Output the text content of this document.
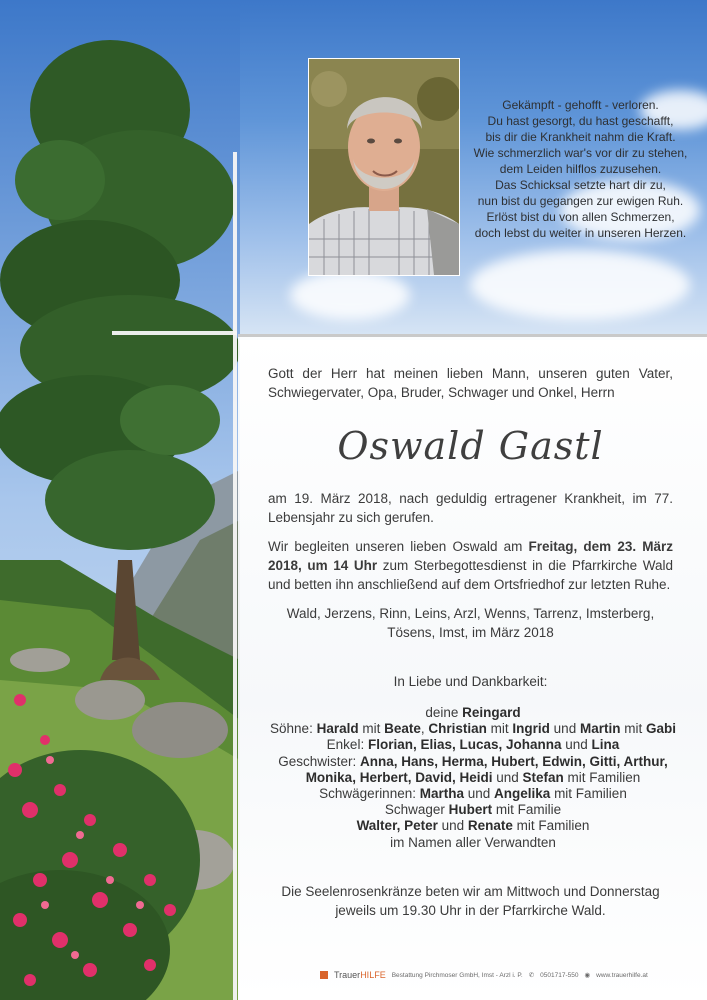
Gekämpft - gehofft - verloren.
Du hast gesorgt, du hast geschafft,
bis dir die Krankheit nahm die Kraft.
Wie schmerzlich war's vor dir zu stehen,
dem Leiden hilflos zuzusehen.
Das Schicksal setzte hart dir zu,
nun bist du gegangen zur ewigen Ruh.
Erlöst bist du von allen Schmerzen,
doch lebst du weiter in unseren Herzen.
Gott der Herr hat meinen lieben Mann, unseren guten Vater, Schwiegervater, Opa, Bruder, Schwager und Onkel, Herrn
Oswald Gastl
am 19. März 2018, nach geduldig ertragener Krankheit, im 77. Lebensjahr zu sich gerufen.
Wir begleiten unseren lieben Oswald am Freitag, dem 23. März 2018, um 14 Uhr zum Sterbegottesdienst in die Pfarrkirche Wald und betten ihn anschließend auf dem Ortsfriedhof zur letzten Ruhe.
Wald, Jerzens, Rinn, Leins, Arzl, Wenns, Tarrenz, Imsterberg,
Tösens, Imst, im März 2018
In Liebe und Dankbarkeit:
deine Reingard
Söhne: Harald mit Beate, Christian mit Ingrid und Martin mit Gabi
Enkel: Florian, Elias, Lucas, Johanna und Lina
Geschwister: Anna, Hans, Herma, Hubert, Edwin, Gitti, Arthur,
Monika, Herbert, David, Heidi und Stefan mit Familien
Schwägerinnen: Martha und Angelika mit Familien
Schwager Hubert mit Familie
Walter, Peter und Renate mit Familien
im Namen aller Verwandten
Die Seelenrosenkränze beten wir am Mittwoch und Donnerstag
jeweils um 19.30 Uhr in der Pfarrkirche Wald.
TrauerHILFE Bestattung Pirchmoser GmbH, Imst - Arzl i. P. ✆ 0501717-550 ◉ www.trauerhilfe.at
